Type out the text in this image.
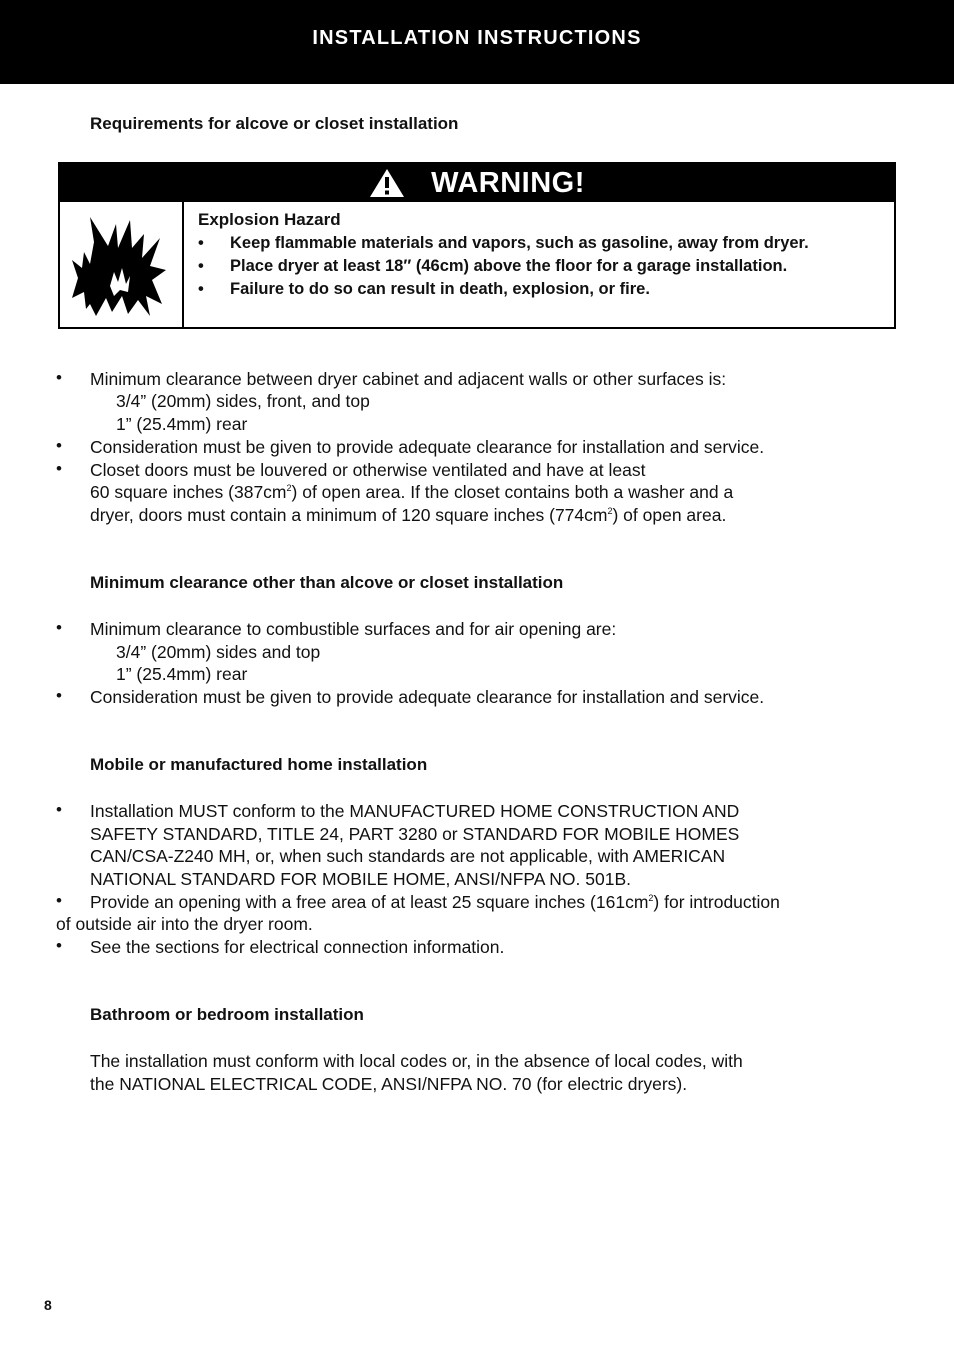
INSTALLATION INSTRUCTIONS
Requirements for alcove or closet installation
WARNING!
Explosion Hazard
• Keep flammable materials and vapors, such as gasoline, away from dryer.
• Place dryer at least 18″ (46cm) above the floor for a garage installation.
• Failure to do so can result in death, explosion, or fire.
• Minimum clearance between dryer cabinet and adjacent walls or other surfaces is:
3/4” (20mm) sides, front, and top
1” (25.4mm) rear
• Consideration must be given to provide adequate clearance for installation and service.
• Closet doors must be louvered or otherwise ventilated and have at least
60 square inches $(387cm^2)$ of open area. If the closet contains both a washer and a
dryer, doors must contain a minimum of 120 square inches $(774cm^2)$ of open area.
Minimum clearance other than alcove or closet installation
• Minimum clearance to combustible surfaces and for air opening are:
3/4” (20mm) sides and top
1” (25.4mm) rear
• Consideration must be given to provide adequate clearance for installation and service.
Mobile or manufactured home installation
• Installation MUST conform to the MANUFACTURED HOME CONSTRUCTION AND
SAFETY STANDARD, TITLE 24, PART 3280 or STANDARD FOR MOBILE HOMES
CAN/CSA-Z240 MH, or, when such standards are not applicable, with AMERICAN
NATIONAL STANDARD FOR MOBILE HOME, ANSI/NFPA NO. 501B.
• Provide an opening with a free area of at least 25 square inches $(161cm^2)$ for introduction
of outside air into the dryer room.
• See the sections for electrical connection information.
Bathroom or bedroom installation
The installation must conform with local codes or, in the absence of local codes, with
the NATIONAL ELECTRICAL CODE, ANSI/NFPA NO. 70 (for electric dryers).
8
